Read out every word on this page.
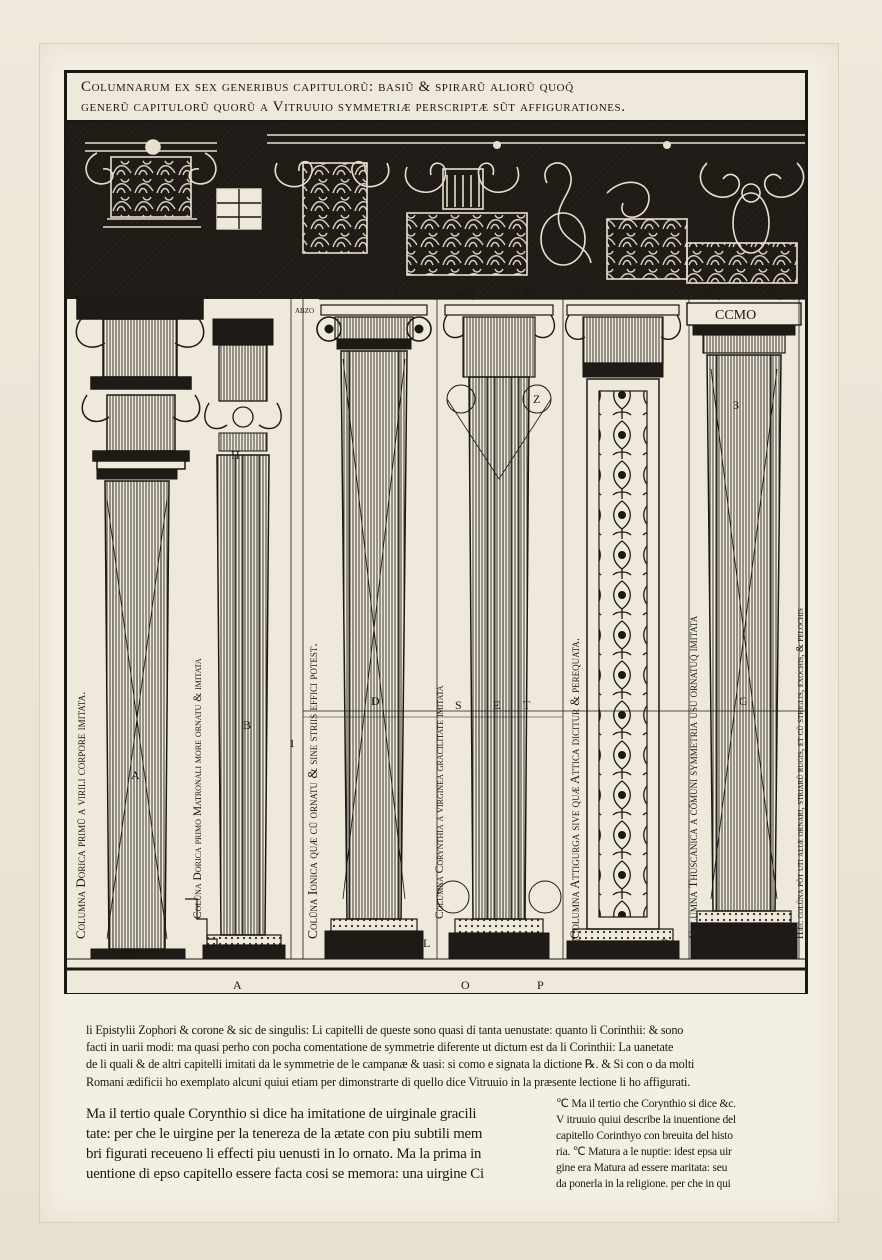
Columnarum ex sex generibus capitulorũ: basiũ & spirarũ aliorũ quoq̃
generũ capitulorũ quorũ a Vitruuio symmetriæ perscriptæ sũt affigurationes.
H	I	MQ	R N	A	B	ṽ ς	x ς
CCMO
ABZO
Columna Dorica primũ a virili corpore imitata.	Colũna Dorica primo Matronali more ornatu & imitata	Colũna Ionica quæ cũ ornatu & sine striis effici potest.	Columna Corynthia a virginea gracilitate imitata	Columna Attigurga sive quæ Attica dicitur & perequata.	Columna Thuscanica a cõmuni symmetria usu ornatuq̃ imitata	Hæc colũna põt uti aliæ ornari, striarũ rugis, et cũ striglis, exochis, & pelochis
A
K
B
H
A
D
K E	L
1
S	E T
Z
O	P
C	D
G
3
P	4
li Epistylii Zophori & corone & sic de singulis: Li capitelli de queste sono quasi di tanta uenustate: quanto li Corinthii: & sono
facti in uarii modi: ma quasi perho con pocha comentatione de symmetrie diferente ut dictum est da li Corinthii: La uanetate
de li quali & de altri capitelli imitati da le symmetrie de le campanæ & uasi: si como e signata la dictione ℞. & Si con o da molti
Romani ædificii ho exemplato alcuni quiui etiam per dimonstrarte di quello dice Vitruuio in la præsente lectione li ho affigurati.
Ma il tertio quale Corynthio si dice ha imitatione de uirginale gracili
tate: per che le uirgine per la tenereza de la ætate con piu subtili mem
bri figurati receueno li effecti piu uenusti in lo ornato. Ma la prima in
uentione di epso capitello essere facta cosi se memora: una uirgine Ci
℃ Ma il tertio che Corynthio si dice &c.
V itruuio quiui describe la inuentione del
capitello Corinthyo con breuita del histo
ria. ℃ Matura a le nuptie: idest epsa uir
gine era Matura ad essere maritata: seu
da ponerla in la religione. per che in qui
